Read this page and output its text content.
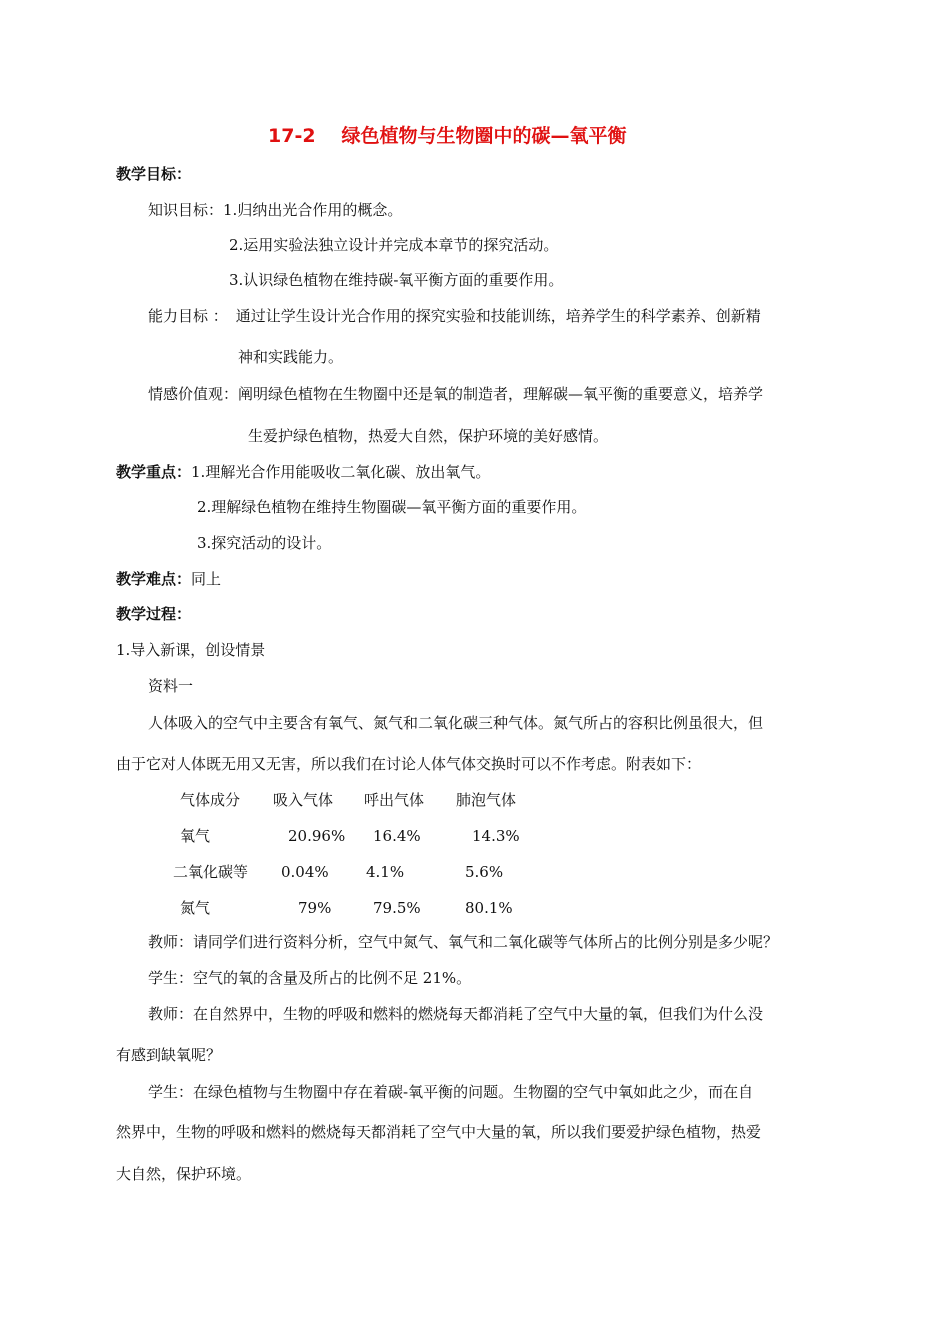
17-2 绿色植物与生物圈中的碳—氧平衡
教学目标：
知识目标：1.归纳出光合作用的概念。
2.运用实验法独立设计并完成本章节的探究活动。
3.认识绿色植物在维持碳-氧平衡方面的重要作用。
能力目标 ： 通过让学生设计光合作用的探究实验和技能训练，培养学生的科学素养、创新精
神和实践能力。
情感价值观：阐明绿色植物在生物圈中还是氧的制造者，理解碳—氧平衡的重要意义，培养学
生爱护绿色植物，热爱大自然，保护环境的美好感情。
教学重点：1.理解光合作用能吸收二氧化碳、放出氧气。
2.理解绿色植物在维持生物圈碳—氧平衡方面的重要作用。
3.探究活动的设计。
教学难点：同上
教学过程：
1.导入新课，创设情景
资料一
人体吸入的空气中主要含有氧气、氮气和二氧化碳三种气体。氮气所占的容积比例虽很大，但
由于它对人体既无用又无害，所以我们在讨论人体气体交换时可以不作考虑。附表如下：
气体成分 吸入气体 呼出气体 肺泡气体
氧气	20.96% 16.4%	14.3%
二氧化碳等 0.04% 4.1%	5.6%
氮气	79%	79.5%	80.1%
教师：请同学们进行资料分析，空气中氮气、氧气和二氧化碳等气体所占的比例分别是多少呢？
学生：空气的氧的含量及所占的比例不足 21%。
教师：在自然界中，生物的呼吸和燃料的燃烧每天都消耗了空气中大量的氧，但我们为什么没
有感到缺氧呢？
学生：在绿色植物与生物圈中存在着碳-氧平衡的问题。生物圈的空气中氧如此之少，而在自
然界中，生物的呼吸和燃料的燃烧每天都消耗了空气中大量的氧，所以我们要爱护绿色植物，热爱
大自然，保护环境。
